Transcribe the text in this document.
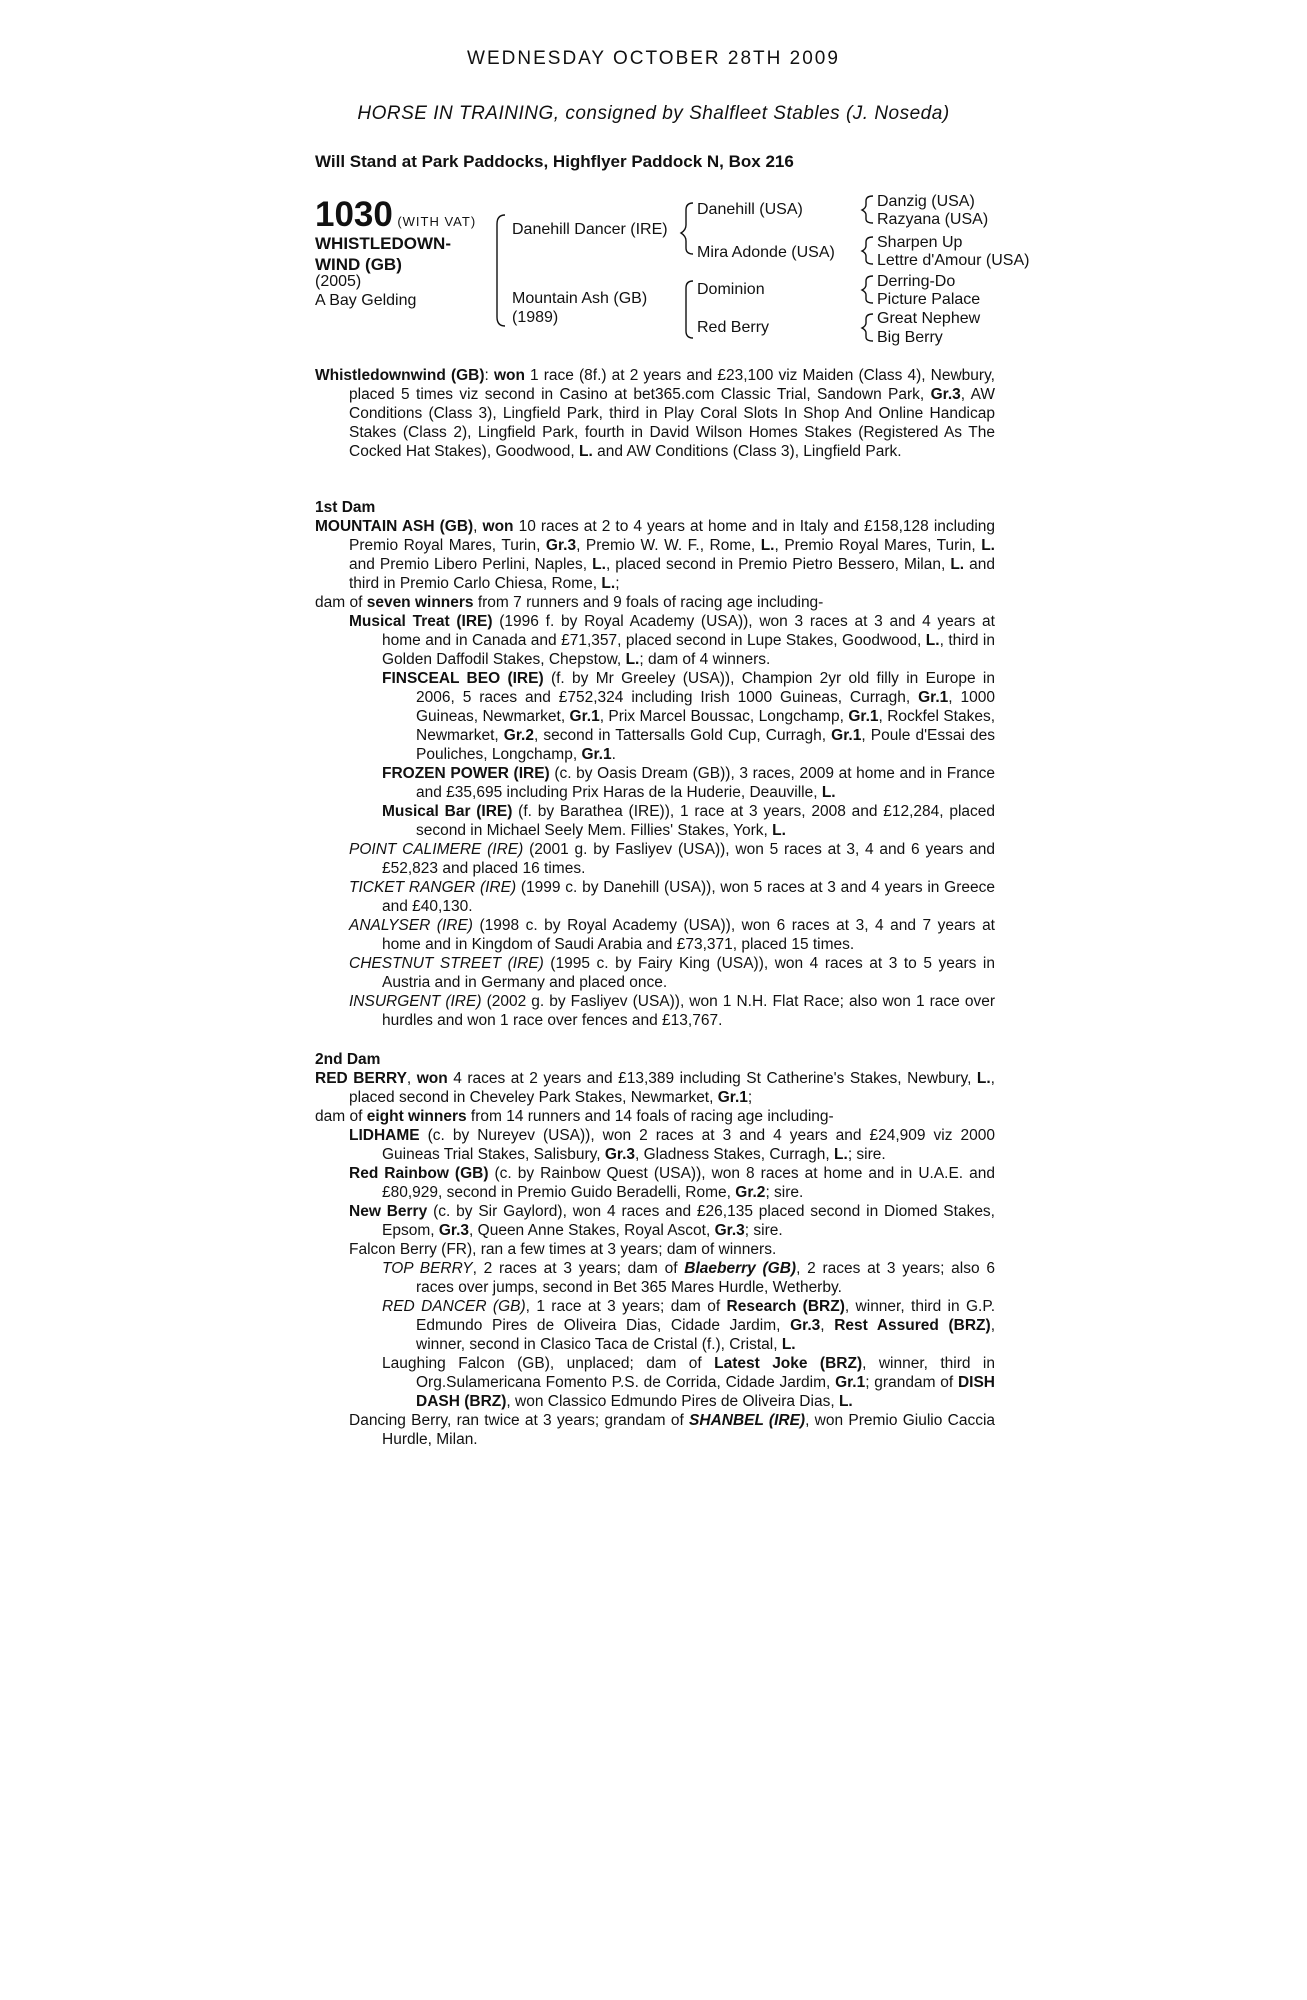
WEDNESDAY OCTOBER 28TH 2009
HORSE IN TRAINING, consigned by Shalfleet Stables (J. Noseda)
Will Stand at Park Paddocks, Highflyer Paddock N, Box 216
1030 (WITH VAT)
WHISTLEDOWN-
WIND (GB)
(2005)
A Bay Gelding
Danehill Dancer (IRE)
Mountain Ash (GB)
(1989)
Danehill (USA)
Mira Adonde (USA)
Dominion
Red Berry
Danzig (USA)
Razyana (USA)
Sharpen Up
Lettre d'Amour (USA)
Derring-Do
Picture Palace
Great Nephew
Big Berry

Whistledownwind (GB): won 1 race (8f.) at 2 years and £23,100 viz Maiden (Class 4), Newbury, placed 5 times viz second in Casino at bet365.com Classic Trial, Sandown Park, Gr.3, AW Conditions (Class 3), Lingfield Park, third in Play Coral Slots In Shop And Online Handicap Stakes (Class 2), Lingfield Park, fourth in David Wilson Homes Stakes (Registered As The Cocked Hat Stakes), Goodwood, L. and AW Conditions (Class 3), Lingfield Park.

1st Dam

MOUNTAIN ASH (GB), won 10 races at 2 to 4 years at home and in Italy and £158,128 including Premio Royal Mares, Turin, Gr.3, Premio W. W. F., Rome, L., Premio Royal Mares, Turin, L. and Premio Libero Perlini, Naples, L., placed second in Premio Pietro Bessero, Milan, L. and third in Premio Carlo Chiesa, Rome, L.;

dam of seven winners from 7 runners and 9 foals of racing age including-

Musical Treat (IRE) (1996 f. by Royal Academy (USA)), won 3 races at 3 and 4 years at home and in Canada and £71,357, placed second in Lupe Stakes, Goodwood, L., third in Golden Daffodil Stakes, Chepstow, L.; dam of 4 winners.

FINSCEAL BEO (IRE) (f. by Mr Greeley (USA)), Champion 2yr old filly in Europe in 2006, 5 races and £752,324 including Irish 1000 Guineas, Curragh, Gr.1, 1000 Guineas, Newmarket, Gr.1, Prix Marcel Boussac, Longchamp, Gr.1, Rockfel Stakes, Newmarket, Gr.2, second in Tattersalls Gold Cup, Curragh, Gr.1, Poule d'Essai des Pouliches, Longchamp, Gr.1.

FROZEN POWER (IRE) (c. by Oasis Dream (GB)), 3 races, 2009 at home and in France and £35,695 including Prix Haras de la Huderie, Deauville, L.

Musical Bar (IRE) (f. by Barathea (IRE)), 1 race at 3 years, 2008 and £12,284, placed second in Michael Seely Mem. Fillies' Stakes, York, L.

POINT CALIMERE (IRE) (2001 g. by Fasliyev (USA)), won 5 races at 3, 4 and 6 years and £52,823 and placed 16 times.

TICKET RANGER (IRE) (1999 c. by Danehill (USA)), won 5 races at 3 and 4 years in Greece and £40,130.

ANALYSER (IRE) (1998 c. by Royal Academy (USA)), won 6 races at 3, 4 and 7 years at home and in Kingdom of Saudi Arabia and £73,371, placed 15 times.

CHESTNUT STREET (IRE) (1995 c. by Fairy King (USA)), won 4 races at 3 to 5 years in Austria and in Germany and placed once.

INSURGENT (IRE) (2002 g. by Fasliyev (USA)), won 1 N.H. Flat Race; also won 1 race over hurdles and won 1 race over fences and £13,767.

2nd Dam

RED BERRY, won 4 races at 2 years and £13,389 including St Catherine's Stakes, Newbury, L., placed second in Cheveley Park Stakes, Newmarket, Gr.1;

dam of eight winners from 14 runners and 14 foals of racing age including-

LIDHAME (c. by Nureyev (USA)), won 2 races at 3 and 4 years and £24,909 viz 2000 Guineas Trial Stakes, Salisbury, Gr.3, Gladness Stakes, Curragh, L.; sire.

Red Rainbow (GB) (c. by Rainbow Quest (USA)), won 8 races at home and in U.A.E. and £80,929, second in Premio Guido Beradelli, Rome, Gr.2; sire.

New Berry (c. by Sir Gaylord), won 4 races and £26,135 placed second in Diomed Stakes, Epsom, Gr.3, Queen Anne Stakes, Royal Ascot, Gr.3; sire.

Falcon Berry (FR), ran a few times at 3 years; dam of winners.

TOP BERRY, 2 races at 3 years; dam of Blaeberry (GB), 2 races at 3 years; also 6 races over jumps, second in Bet 365 Mares Hurdle, Wetherby.

RED DANCER (GB), 1 race at 3 years; dam of Research (BRZ), winner, third in G.P. Edmundo Pires de Oliveira Dias, Cidade Jardim, Gr.3, Rest Assured (BRZ), winner, second in Clasico Taca de Cristal (f.), Cristal, L.

Laughing Falcon (GB), unplaced; dam of Latest Joke (BRZ), winner, third in Org.Sulamericana Fomento P.S. de Corrida, Cidade Jardim, Gr.1; grandam of DISH DASH (BRZ), won Classico Edmundo Pires de Oliveira Dias, L.

Dancing Berry, ran twice at 3 years; grandam of SHANBEL (IRE), won Premio Giulio Caccia Hurdle, Milan.
